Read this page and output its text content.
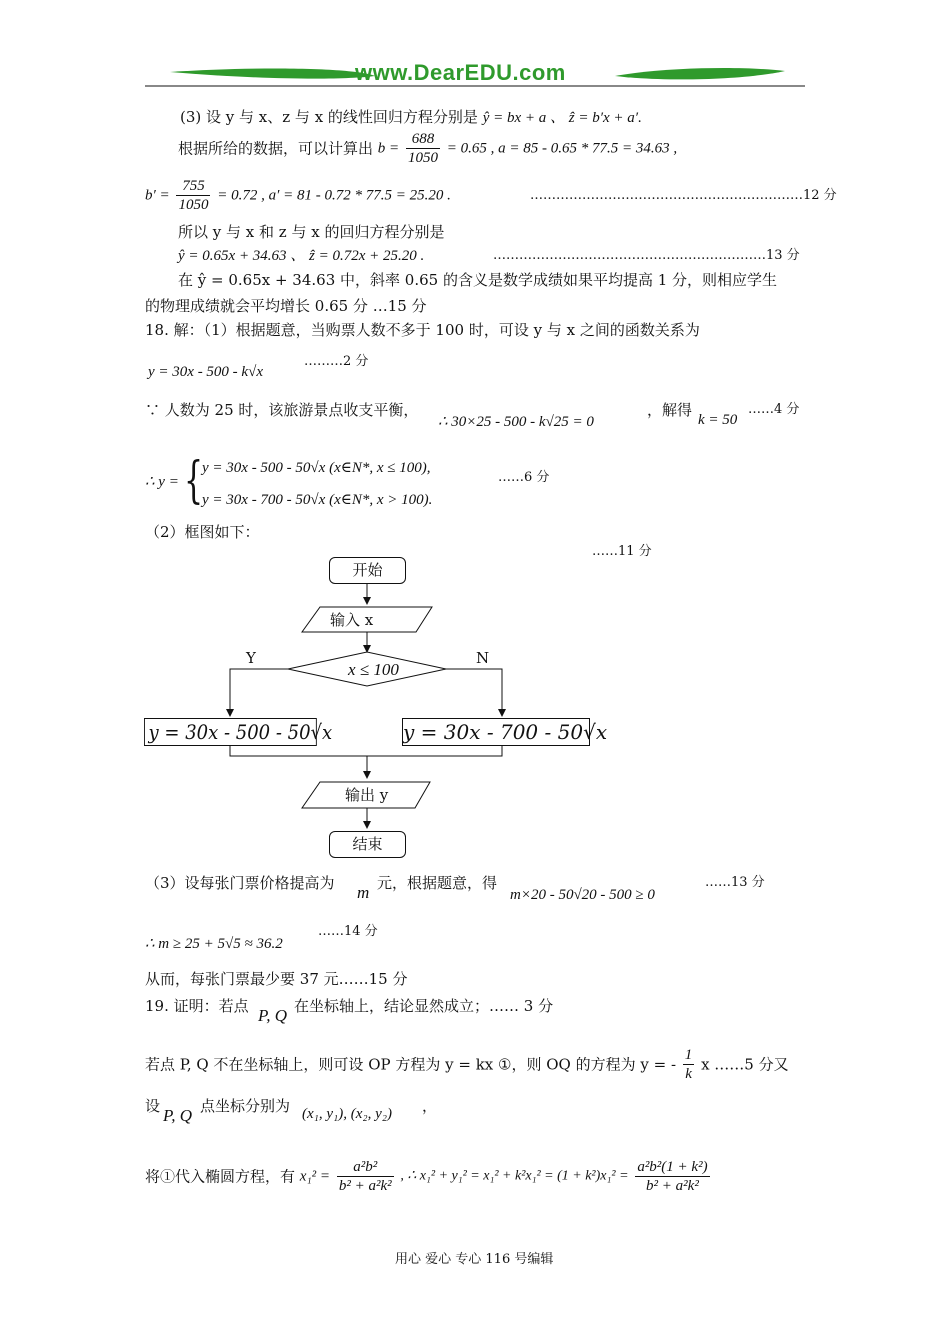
www.DearEDU.com
(3) 设 y 与 x、z 与 x 的线性回归方程分别是 ŷ = bx + a 、 ẑ = b′x + a′.
根据所给的数据，可以计算出 $b = \frac{688}{1050} = 0.65$ , a = 85 - 0.65 * 77.5 = 34.63 ,
$b' = \frac{755}{1050} = 0.72$ , a′ = 81 - 0.72 * 77.5 = 25.20 .	………………………………………………………12 分
所以 y 与 x 和 z 与 x 的回归方程分别是
ŷ = 0.65x + 34.63 、 ẑ = 0.72x + 25.20 .	………………………………………………………13 分
在 ŷ = 0.65x + 34.63 中，斜率 0.65 的含义是数学成绩如果平均提高 1 分，则相应学生
的物理成绩就会平均增长 0.65 分 …15 分
18. 解：（1）根据题意，当购票人数不多于 100 时，可设 y 与 x 之间的函数关系为
y = 30x - 500 - k√x
………2 分
∵ 人数为 25 时，该旅游景点收支平衡，
∴ 30×25 - 500 - k√25 = 0
，解得
k = 50
……4 分
∴ y = {
y = 30x - 500 - 50√x (x∈N*, x ≤ 100),
y = 30x - 700 - 50√x (x∈N*, x > 100).
……6 分
（2）框图如下：
……11 分
开始
输入 x
x ≤ 100
Y	N
y = 30x - 500 - 50√x	y = 30x - 700 - 50√x
输出 y
结束
（3）设每张门票价格提高为 m 元，根据题意，得
m×20 - 50√20 - 500 ≥ 0
……13 分
∴ m ≥ 25 + 5√5 ≈ 36.2
……14 分
从而，每张门票最少要 37 元……15 分
19. 证明：若点 P, Q 在坐标轴上，结论显然成立；…… 3 分
若点 P, Q 不在坐标轴上，则可设 OP 方程为 y = kx ①，则 OQ 的方程为 y = - $\frac{1}{k}$ x ……5 分又
设 P, Q 点坐标分别为 (x₁, y₁), (x₂, y₂) ，
将①代入椭圆方程，有 $x_1^2 = \frac{\text{a²b²}}{\text{b² + a²k²}}$ , ∴ $x_1^2 + y_1^2 = x_1^2 + k^2x_1^2 = (1 + k^2)x_1^2 = \frac{\text{a²b²(1 + k²)}}{\text{b² + a²k²}}$
用心 爱心 专心 116 号编辑
